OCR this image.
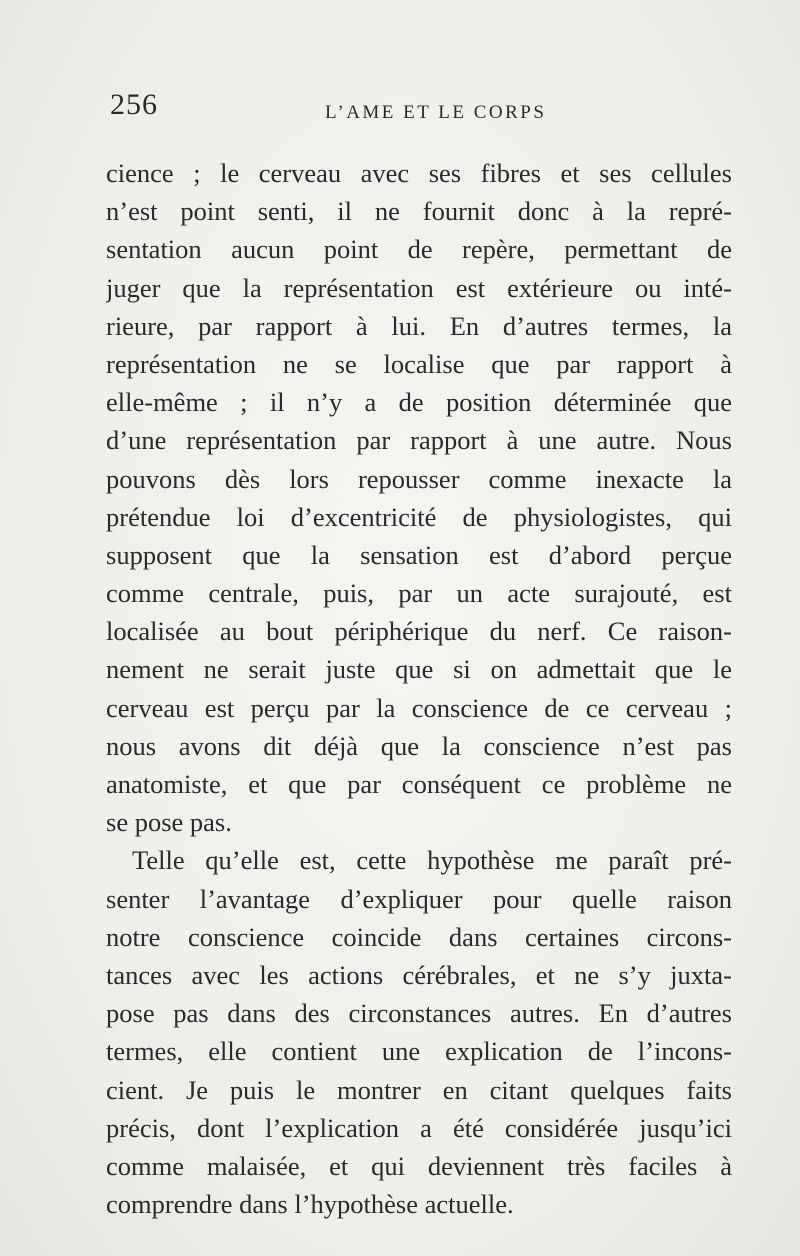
256	L’AME ET LE CORPS
cience ; le cerveau avec ses fibres et ses cellules
n’est point senti, il ne fournit donc à la repré-
sentation aucun point de repère, permettant de
juger que la représentation est extérieure ou inté-
rieure, par rapport à lui. En d’autres termes, la
représentation ne se localise que par rapport à
elle-même ; il n’y a de position déterminée que
d’une représentation par rapport à une autre. Nous
pouvons dès lors repousser comme inexacte la
prétendue loi d’excentricité de physiologistes, qui
supposent que la sensation est d’abord perçue
comme centrale, puis, par un acte surajouté, est
localisée au bout périphérique du nerf. Ce raison-
nement ne serait juste que si on admettait que le
cerveau est perçu par la conscience de ce cerveau ;
nous avons dit déjà que la conscience n’est pas
anatomiste, et que par conséquent ce problème ne
se pose pas.
Telle qu’elle est, cette hypothèse me paraît pré-
senter l’avantage d’expliquer pour quelle raison
notre conscience coincide dans certaines circons-
tances avec les actions cérébrales, et ne s’y juxta-
pose pas dans des circonstances autres. En d’autres
termes, elle contient une explication de l’incons-
cient. Je puis le montrer en citant quelques faits
précis, dont l’explication a été considérée jusqu’ici
comme malaisée, et qui deviennent très faciles à
comprendre dans l’hypothèse actuelle.
